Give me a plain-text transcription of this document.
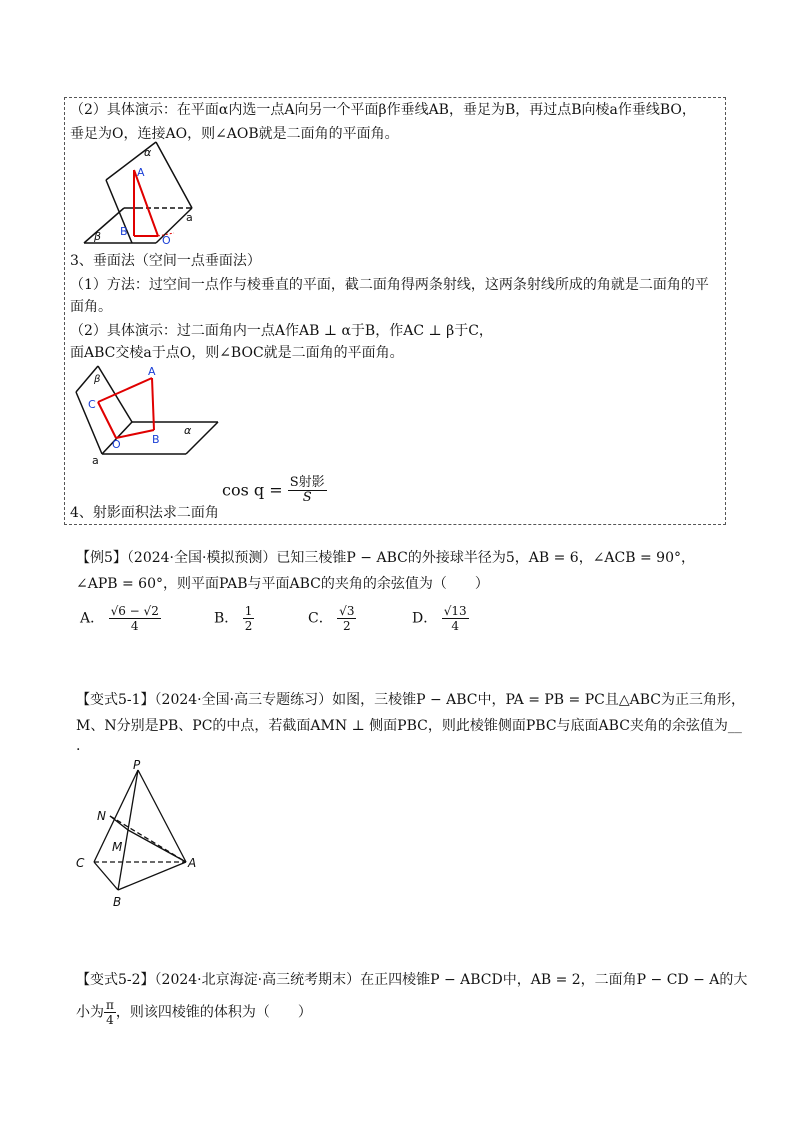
（2）具体演示：在平面α内选一点A向另一个平面β作垂线AB，垂足为B，再过点B向棱a作垂线BO，
垂足为O，连接AO，则∠AOB就是二面角的平面角。
α
A
β B
O
a
3、垂面法（空间一点垂面法）
（1）方法：过空间一点作与棱垂直的平面，截二面角得两条射线，这两条射线所成的角就是二面角的平
面角。
（2）具体演示：过二面角内一点A作AB ⊥ α于B，作AC ⊥ β于C，
面ABC交棱a于点O，则∠BOC就是二面角的平面角。
β
A
C
O	B
α
a
$\cos q = \frac{\text{S射影}}{S}$
4、射影面积法求二面角
【例5】（2024·全国·模拟预测）已知三棱锥P − ABC的外接球半径为5，AB = 6，∠ACB = 90°，
∠APB = 60°，则平面PAB与平面ABC的夹角的余弦值为（　　）
A． $\frac{√6 - √2}{4}$	B． $\frac{1}{2}$	C． $\frac{√3}{2}$	D． $\frac{√13}{4}$
【变式5-1】（2024·全国·高三专题练习）如图，三棱锥P − ABC中，PA = PB = PC且△ABC为正三角形，
M、N分别是PB、PC的中点，若截面AMN ⊥ 侧面PBC，则此棱锥侧面PBC与底面ABC夹角的余弦值为__
.
P
N
M
C	A
B
【变式5-2】（2024·北京海淀·高三统考期末）在正四棱锥P − ABCD中，AB = 2，二面角P − CD − A的大
小为 $\frac{\pi}{4}$ ，则该四棱锥的体积为（　　）
